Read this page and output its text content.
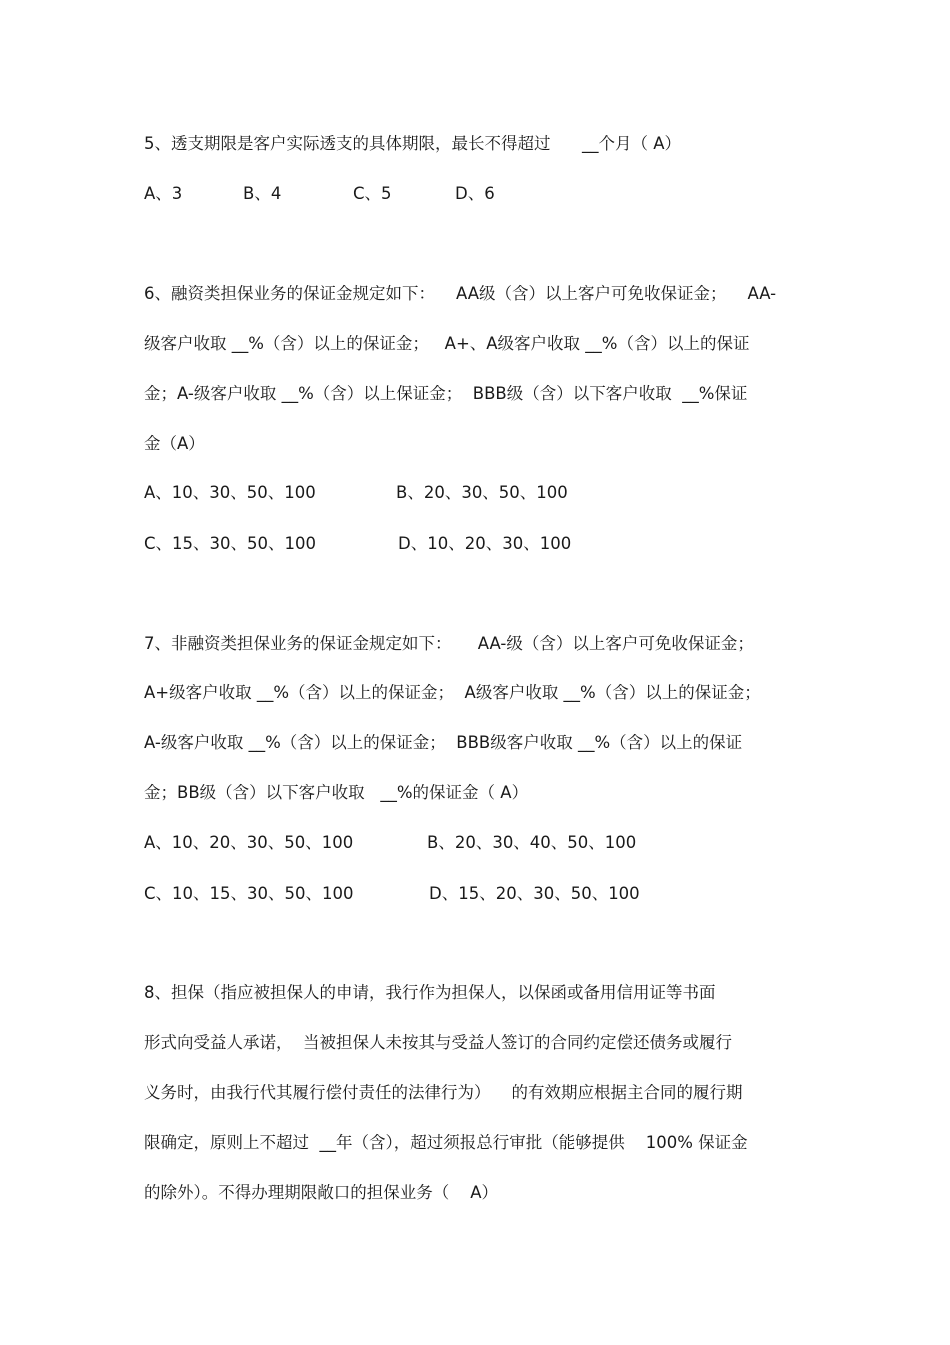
5、透支期限是客户实际透支的具体期限，最长不得超过      __个月（ A）
A、3	B、4	C、5	D、6
6、融资类担保业务的保证金规定如下：    AA级（含）以上客户可免收保证金；    AA-
级客户收取 __%（含）以上的保证金；   A+、A级客户收取 __%（含）以上的保证
金；A-级客户收取 __%（含）以上保证金；  BBB级（含）以下客户收取  __%保证
金（A）
A、10、30、50、100	B、20、30、50、100
C、15、30、50、100	D、10、20、30、100
7、非融资类担保业务的保证金规定如下：     AA-级（含）以上客户可免收保证金；
A+级客户收取 __%（含）以上的保证金；  A级客户收取 __%（含）以上的保证金；
A-级客户收取 __%（含）以上的保证金；  BBB级客户收取 __%（含）以上的保证
金；BB级（含）以下客户收取   __%的保证金（ A）
A、10、20、30、50、100	B、20、30、40、50、100
C、10、15、30、50、100	D、15、20、30、50、100
8、担保（指应被担保人的申请，我行作为担保人，以保函或备用信用证等书面
形式向受益人承诺，  当被担保人未按其与受益人签订的合同约定偿还债务或履行
义务时，由我行代其履行偿付责任的法律行为）    的有效期应根据主合同的履行期
限确定，原则上不超过  __年（含），超过须报总行审批（能够提供    100% 保证金
的除外）。不得办理期限敞口的担保业务（    A）
